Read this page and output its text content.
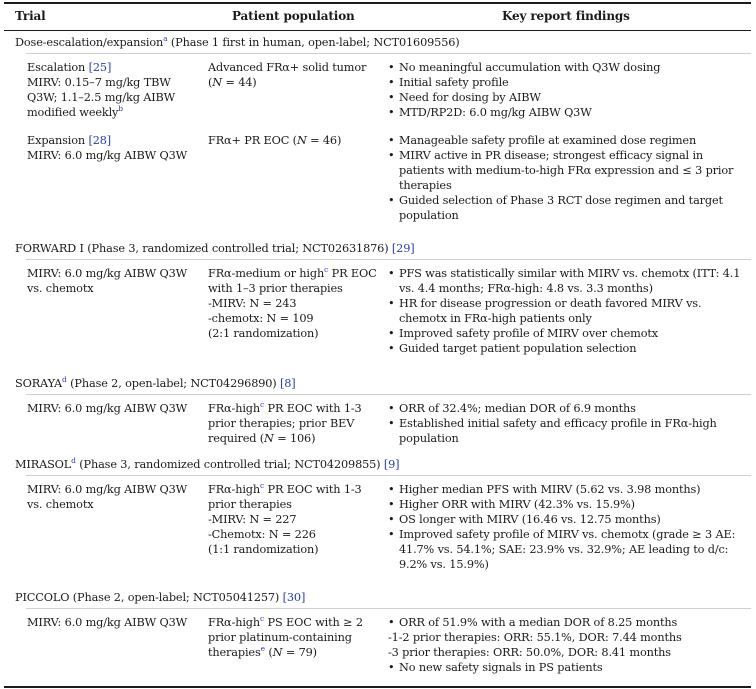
Trial	Patient population	Key report findings
Dose-escalation/expansion$^a$ (Phase 1 first in human, open-label; NCT01609556)
Escalation [25]
MIRV: 0.15–7 mg/kg TBW Q3W; 1.1–2.5 mg/kg AIBW modified weekly$^b$
Advanced FRα+ solid tumor (N = 44)
• No meaningful accumulation with Q3W dosing
• Initial safety profile
• Need for dosing by AIBW
• MTD/RP2D: 6.0 mg/kg AIBW Q3W
Expansion [28]
MIRV: 6.0 mg/kg AIBW Q3W
FRα+ PR EOC (N = 46)
•	Manageable safety profile at examined dose regimen
• MIRV active in PR disease; strongest efficacy signal in patients with medium-to-high FRα expression and ≤ 3 prior therapies
• Guided selection of Phase 3 RCT dose regimen and target population
FORWARD I (Phase 3, randomized controlled trial; NCT02631876) [29]
MIRV: 6.0 mg/kg AIBW Q3W vs. chemotx
FRα-medium or high$^c$ PR EOC with 1–3 prior therapies
-MIRV: N = 243
-chemotx: N = 109
(2:1 randomization)
• PFS was statistically similar with MIRV vs. chemotx (ITT: 4.1 vs. 4.4 months; FRα-high: 4.8 vs. 3.3 months)
• HR for disease progression or death favored MIRV vs. chemotx in FRα-high patients only
• Improved safety profile of MIRV over chemotx
• Guided target patient population selection
SORAYA$^d$ (Phase 2, open-label; NCT04296890) [8]
MIRV: 6.0 mg/kg AIBW Q3W	FRα-high$^c$ PR EOC with 1-3 prior therapies; prior BEV required (N = 106)
• ORR of 32.4%; median DOR of 6.9 months
• Established initial safety and efficacy profile in FRα-high population
MIRASOL$^d$ (Phase 3, randomized controlled trial; NCT04209855) [9]
MIRV: 6.0 mg/kg AIBW Q3W vs. chemotx
FRα-high$^c$ PR EOC with 1-3 prior therapies
-MIRV: N = 227
-Chemotx: N = 226
(1:1 randomization)
• Higher median PFS with MIRV (5.62 vs. 3.98 months)
• Higher ORR with MIRV (42.3% vs. 15.9%)
• OS longer with MIRV (16.46 vs. 12.75 months)
• Improved safety profile of MIRV vs. chemotx (grade ≥ 3 AE: 41.7% vs. 54.1%; SAE: 23.9% vs. 32.9%; AE leading to d/c: 9.2% vs. 15.9%)
PICCOLO (Phase 2, open-label; NCT05041257) [30]
MIRV: 6.0 mg/kg AIBW Q3W	FRα-high$^c$ PS EOC with ≥ 2 prior platinum-containing therapies$^e$ (N = 79)
• ORR of 51.9% with a median DOR of 8.25 months
-1-2 prior therapies: ORR: 55.1%, DOR: 7.44 months
-3 prior therapies: ORR: 50.0%, DOR: 8.41 months
• No new safety signals in PS patients
